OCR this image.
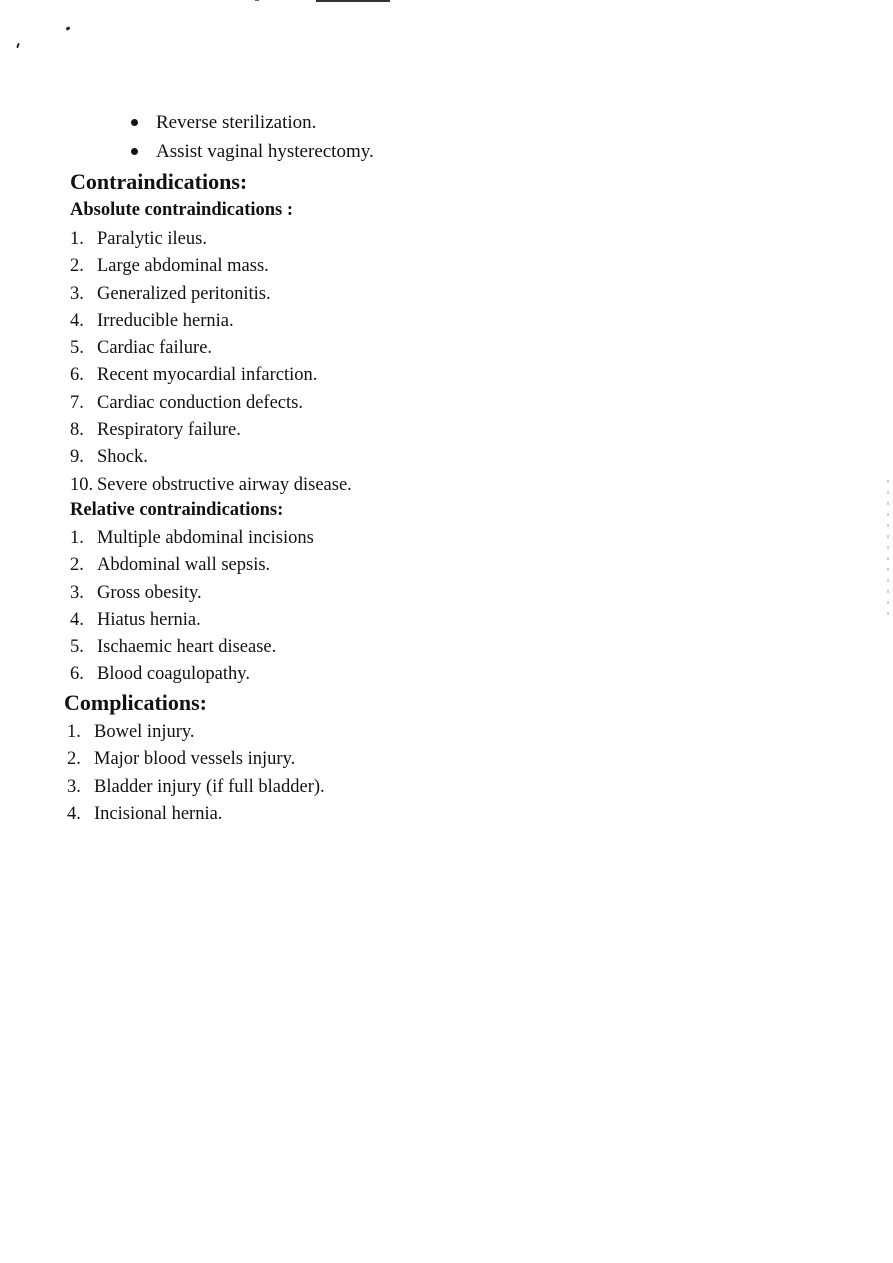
Reverse sterilization.
Assist vaginal hysterectomy.
Contraindications:
Absolute contraindications :
1. Paralytic ileus.
2. Large abdominal mass.
3. Generalized peritonitis.
4. Irreducible hernia.
5. Cardiac failure.
6. Recent myocardial infarction.
7. Cardiac conduction defects.
8. Respiratory failure.
9. Shock.
10. Severe obstructive airway disease.
Relative contraindications:
1. Multiple abdominal incisions
2. Abdominal wall sepsis.
3. Gross obesity.
4. Hiatus hernia.
5. Ischaemic heart disease.
6. Blood coagulopathy.
Complications:
1. Bowel injury.
2. Major blood vessels injury.
3. Bladder injury (if full bladder).
4. Incisional hernia.
